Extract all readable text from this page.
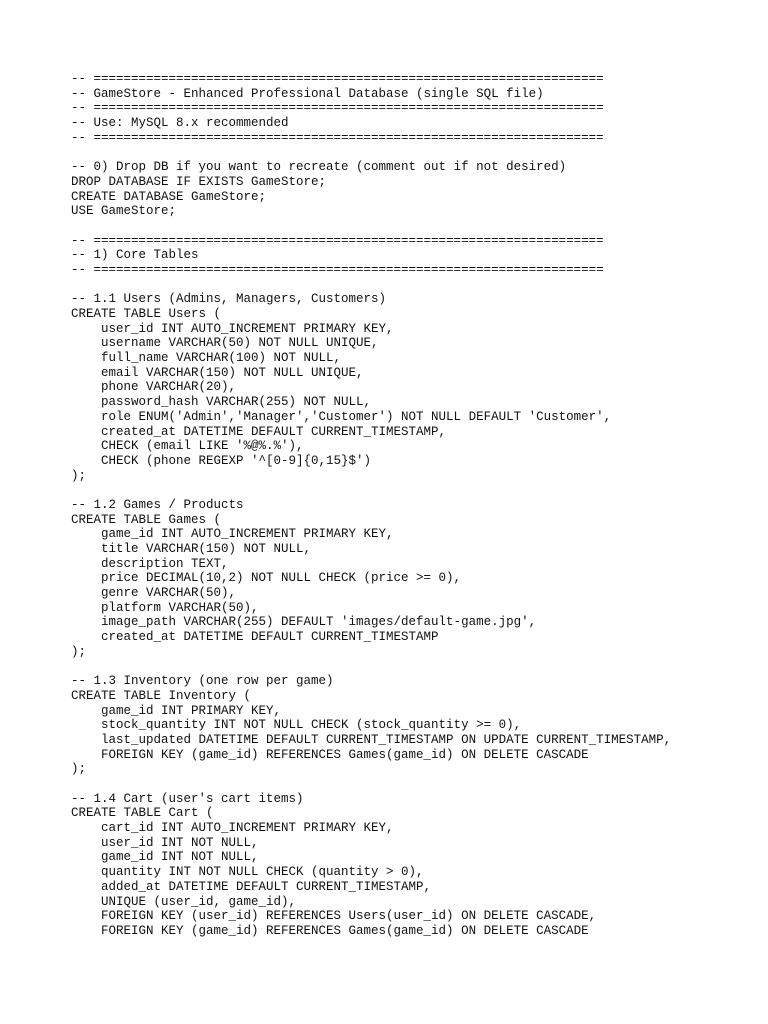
-- ====================================================================
-- GameStore - Enhanced Professional Database (single SQL file)
-- ====================================================================
-- Use: MySQL 8.x recommended
-- ====================================================================
-- 0) Drop DB if you want to recreate (comment out if not desired)
DROP DATABASE IF EXISTS GameStore;
CREATE DATABASE GameStore;
USE GameStore;
-- ====================================================================
-- 1) Core Tables
-- ====================================================================
-- 1.1 Users (Admins, Managers, Customers)
CREATE TABLE Users (
user_id INT AUTO_INCREMENT PRIMARY KEY,
username VARCHAR(50) NOT NULL UNIQUE,
full_name VARCHAR(100) NOT NULL,
email VARCHAR(150) NOT NULL UNIQUE,
phone VARCHAR(20),
password_hash VARCHAR(255) NOT NULL,
role ENUM('Admin','Manager','Customer') NOT NULL DEFAULT 'Customer',
created_at DATETIME DEFAULT CURRENT_TIMESTAMP,
CHECK (email LIKE '%@%.%'),
CHECK (phone REGEXP '^[0-9]{0,15}$')
);
-- 1.2 Games / Products
CREATE TABLE Games (
game_id INT AUTO_INCREMENT PRIMARY KEY,
title VARCHAR(150) NOT NULL,
description TEXT,
price DECIMAL(10,2) NOT NULL CHECK (price >= 0),
genre VARCHAR(50),
platform VARCHAR(50),
image_path VARCHAR(255) DEFAULT 'images/default-game.jpg',
created_at DATETIME DEFAULT CURRENT_TIMESTAMP
);
-- 1.3 Inventory (one row per game)
CREATE TABLE Inventory (
game_id INT PRIMARY KEY,
stock_quantity INT NOT NULL CHECK (stock_quantity >= 0),
last_updated DATETIME DEFAULT CURRENT_TIMESTAMP ON UPDATE CURRENT_TIMESTAMP,
FOREIGN KEY (game_id) REFERENCES Games(game_id) ON DELETE CASCADE
);
-- 1.4 Cart (user's cart items)
CREATE TABLE Cart (
cart_id INT AUTO_INCREMENT PRIMARY KEY,
user_id INT NOT NULL,
game_id INT NOT NULL,
quantity INT NOT NULL CHECK (quantity > 0),
added_at DATETIME DEFAULT CURRENT_TIMESTAMP,
UNIQUE (user_id, game_id),
FOREIGN KEY (user_id) REFERENCES Users(user_id) ON DELETE CASCADE,
FOREIGN KEY (game_id) REFERENCES Games(game_id) ON DELETE CASCADE
